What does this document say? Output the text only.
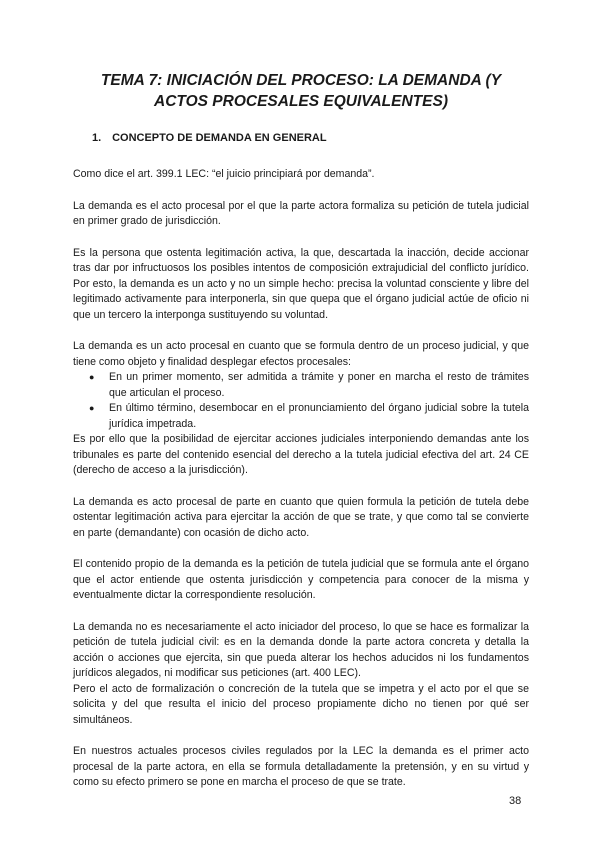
TEMA 7: INICIACIÓN DEL PROCESO: LA DEMANDA (Y ACTOS PROCESALES EQUIVALENTES)
1. CONCEPTO DE DEMANDA EN GENERAL

Como dice el art. 399.1 LEC: “el juicio principiará por demanda”.

La demanda es el acto procesal por el que la parte actora formaliza su petición de tutela judicial en primer grado de jurisdicción.

Es la persona que ostenta legitimación activa, la que, descartada la inacción, decide accionar tras dar por infructuosos los posibles intentos de composición extrajudicial del conflicto jurídico. Por esto, la demanda es un acto y no un simple hecho: precisa la voluntad consciente y libre del legitimado activamente para interponerla, sin que quepa que el órgano judicial actúe de oficio ni que un tercero la interponga sustituyendo su voluntad.

La demanda es un acto procesal en cuanto que se formula dentro de un proceso judicial, y que tiene como objeto y finalidad desplegar efectos procesales:

● En un primer momento, ser admitida a trámite y poner en marcha el resto de trámites que articulan el proceso.
● En último término, desembocar en el pronunciamiento del órgano judicial sobre la tutela jurídica impetrada.

Es por ello que la posibilidad de ejercitar acciones judiciales interponiendo demandas ante los tribunales es parte del contenido esencial del derecho a la tutela judicial efectiva del art. 24 CE (derecho de acceso a la jurisdicción).

La demanda es acto procesal de parte en cuanto que quien formula la petición de tutela debe ostentar legitimación activa para ejercitar la acción de que se trate, y que como tal se convierte en parte (demandante) con ocasión de dicho acto.

El contenido propio de la demanda es la petición de tutela judicial que se formula ante el órgano que el actor entiende que ostenta jurisdicción y competencia para conocer de la misma y eventualmente dictar la correspondiente resolución.

La demanda no es necesariamente el acto iniciador del proceso, lo que se hace es formalizar la petición de tutela judicial civil: es en la demanda donde la parte actora concreta y detalla la acción o acciones que ejercita, sin que pueda alterar los hechos aducidos ni los fundamentos jurídicos alegados, ni modificar sus peticiones (art. 400 LEC).

Pero el acto de formalización o concreción de la tutela que se impetra y el acto por el que se solicita y del que resulta el inicio del proceso propiamente dicho no tienen por qué ser simultáneos.

En nuestros actuales procesos civiles regulados por la LEC la demanda es el primer acto procesal de la parte actora, en ella se formula detalladamente la pretensión, y en su virtud y como su efecto primero se pone en marcha el proceso de que se trate.

38
